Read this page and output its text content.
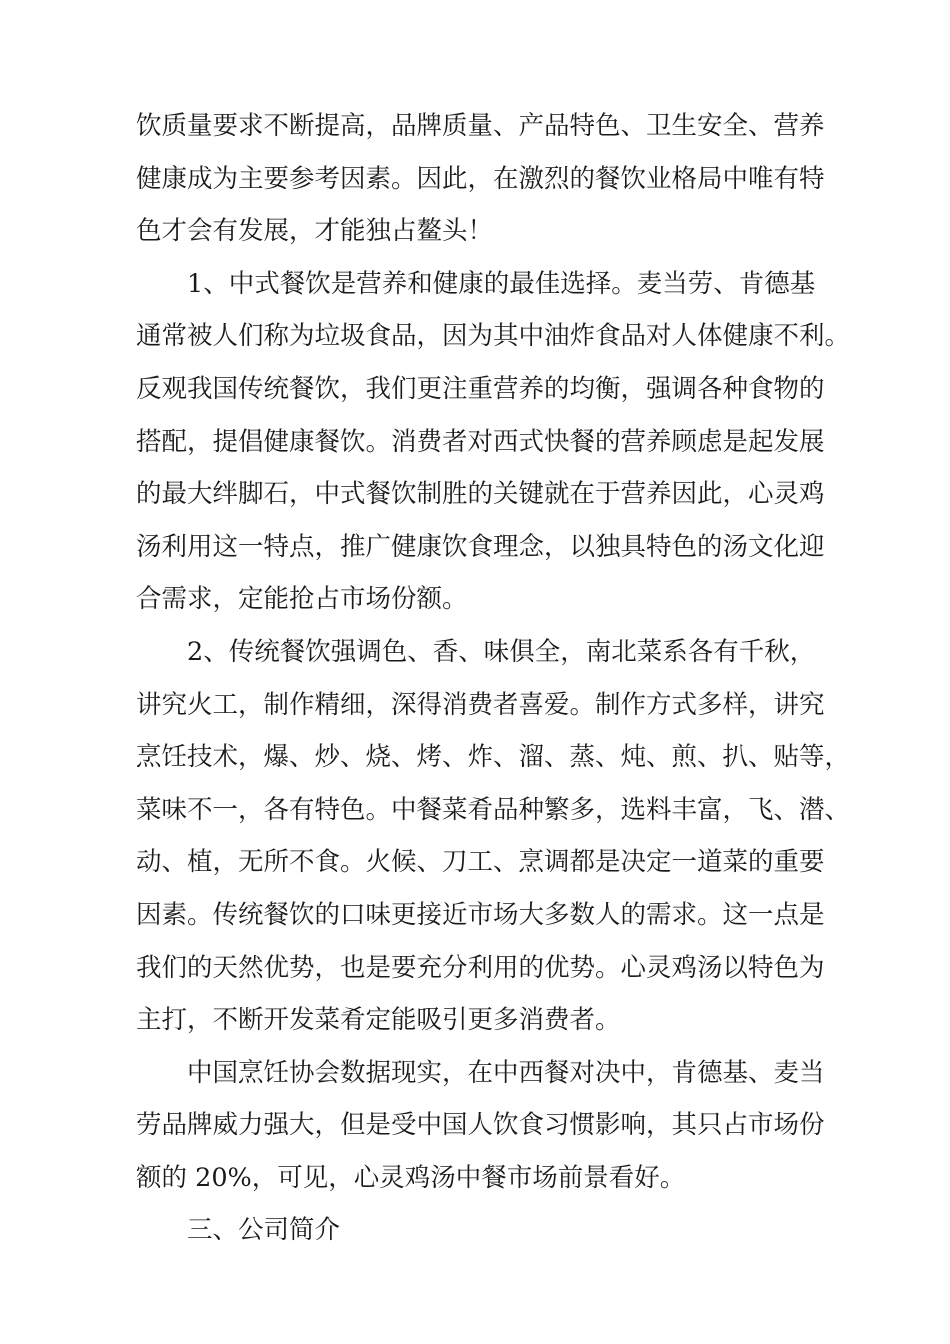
饮质量要求不断提高，品牌质量、产品特色、卫生安全、营养
健康成为主要参考因素。因此，在激烈的餐饮业格局中唯有特
色才会有发展，才能独占鳌头！
1、中式餐饮是营养和健康的最佳选择。麦当劳、肯德基
通常被人们称为垃圾食品，因为其中油炸食品对人体健康不利。
反观我国传统餐饮，我们更注重营养的均衡，强调各种食物的
搭配，提倡健康餐饮。消费者对西式快餐的营养顾虑是起发展
的最大绊脚石，中式餐饮制胜的关键就在于营养因此，心灵鸡
汤利用这一特点，推广健康饮食理念，以独具特色的汤文化迎
合需求，定能抢占市场份额。
2、传统餐饮强调色、香、味俱全，南北菜系各有千秋，
讲究火工，制作精细，深得消费者喜爱。制作方式多样，讲究
烹饪技术，爆、炒、烧、烤、炸、溜、蒸、炖、煎、扒、贴等，
菜味不一，各有特色。中餐菜肴品种繁多，选料丰富，飞、潜、
动、植，无所不食。火候、刀工、烹调都是决定一道菜的重要
因素。传统餐饮的口味更接近市场大多数人的需求。这一点是
我们的天然优势，也是要充分利用的优势。心灵鸡汤以特色为
主打，不断开发菜肴定能吸引更多消费者。
中国烹饪协会数据现实，在中西餐对决中，肯德基、麦当
劳品牌威力强大，但是受中国人饮食习惯影响，其只占市场份
额的 20%，可见，心灵鸡汤中餐市场前景看好。
三、公司简介
